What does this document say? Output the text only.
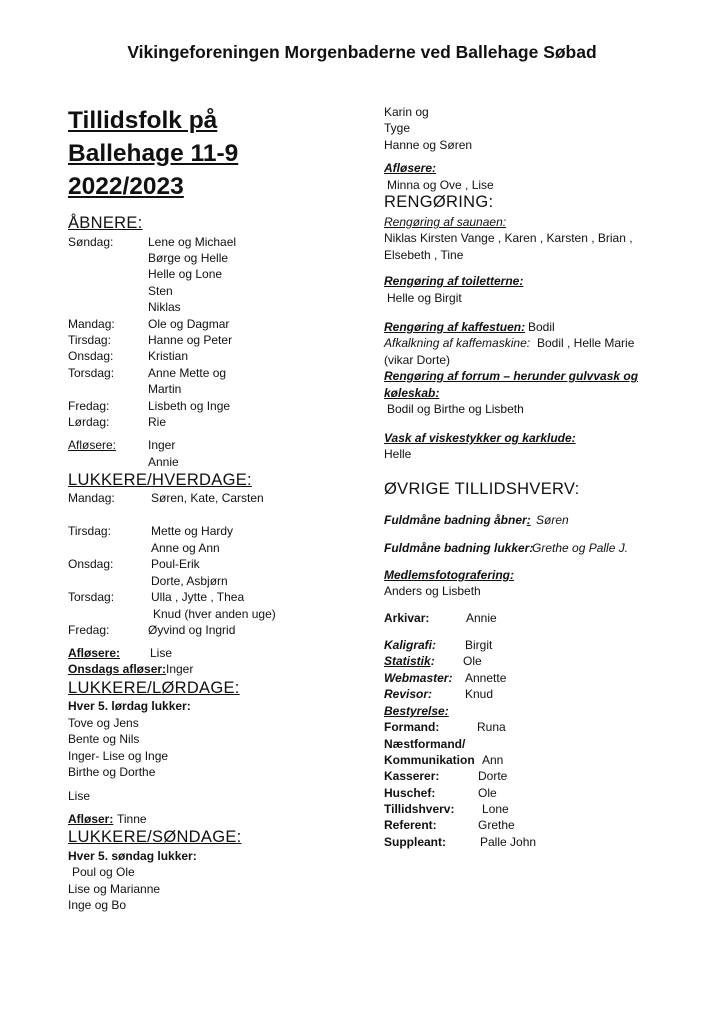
Vikingeforeningen Morgenbaderne ved Ballehage Søbad
Tillidsfolk på
Ballehage 11-9
2022/2023
ÅBNERE:
Søndag:	Lene og Michael
Børge og Helle
Helle og Lone
Sten
Niklas
Mandag:	Ole og Dagmar
Tirsdag:	Hanne og Peter
Onsdag:	Kristian
Torsdag:	Anne Mette og
Martin
Fredag:	Lisbeth og Inge
Lørdag:	Rie
Afløsere:	Inger
Annie
LUKKERE/HVERDAGE:
Mandag:	Søren, Kate, Carsten
Tirsdag:	Mette og Hardy
Anne og Ann
Onsdag:	Poul-Erik
Dorte, Asbjørn
Torsdag:	Ulla , Jytte , Thea
Knud (hver anden uge)
Fredag:	Øyvind og Ingrid
Afløsere: Lise
Onsdags afløser: Inger
LUKKERE/LØRDAGE:
Hver 5. lørdag lukker:
Tove og Jens
Bente og Nils
Inger- Lise og Inge
Birthe og Dorthe
Lise
Afløser: Tinne
LUKKERE/SØNDAGE:
Hver 5. søndag lukker:
Poul og Ole
Lise og Marianne
Inge og Bo
Karin og
Tyge
Hanne og Søren
Afløsere:
Minna og Ove , Lise
RENGØRING:
Rengøring af saunaen:
Niklas Kirsten Vange , Karen , Karsten , Brian ,
Elsebeth , Tine
Rengøring af toiletterne:
Helle og Birgit
Rengøring af kaffestuen: Bodil
Afkalkning af kaffemaskine: Bodil , Helle Marie
(vikar Dorte)
Rengøring af forrum – herunder gulvvask og
køleskab:
Bodil og Birthe og Lisbeth
Vask af viskestykker og karklude:
Helle
ØVRIGE TILLIDSHVERV:
Fuldmåne badning åbner: Søren
Fuldmåne badning lukker:
Grethe og Palle J.
Medlemsfotografering:
Anders og Lisbeth
Arkivar:	Annie
Kaligrafi: Birgit
Statistik: Ole
Webmaster: Annette
Revisor:	Knud
Bestyrelse:
Formand:	Runa
Næstformand/
Kommunikation Ann
Kasserer:	Dorte
Huschef:	Ole
Tillidshverv: Lone
Referent:	Grethe
Suppleant:	Palle John
